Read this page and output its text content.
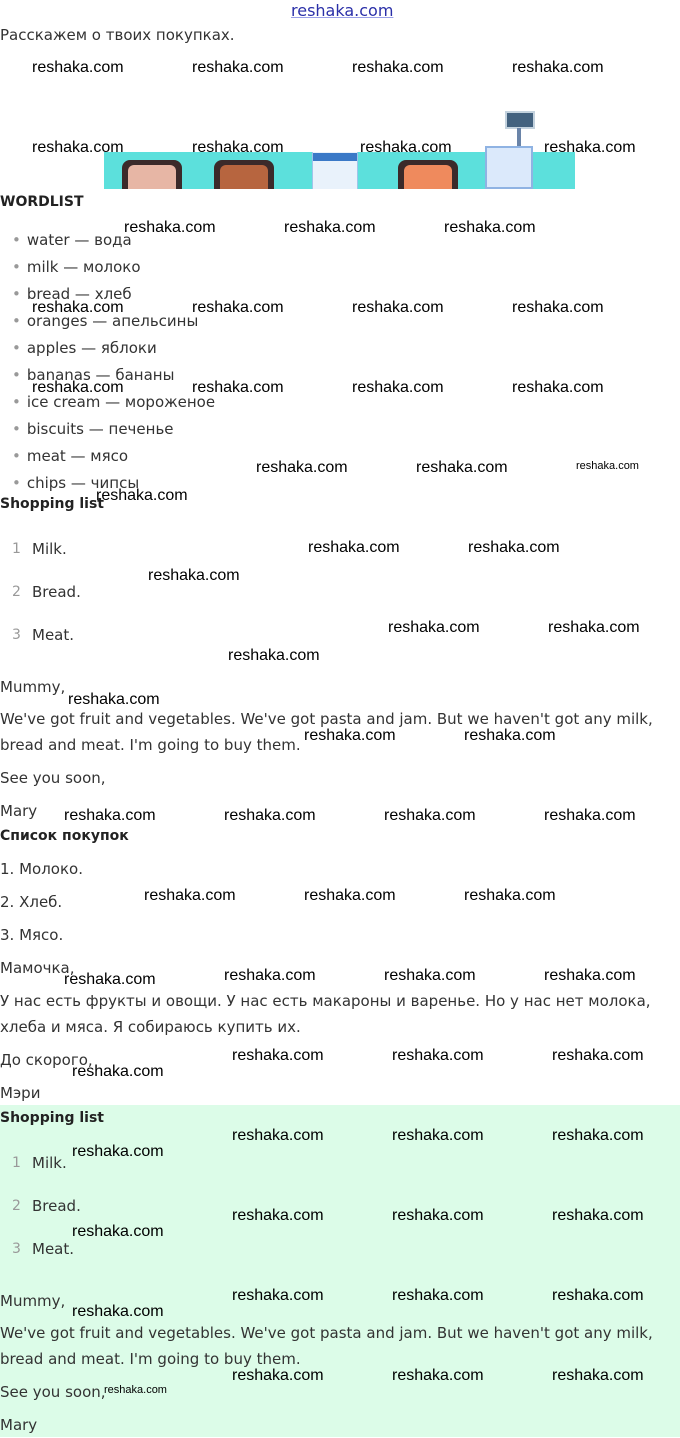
reshaka.com
Расскажем о твоих покупках.
WORDLIST
• water — вода
• milk — молоко
• bread — хлеб
• oranges — апельсины
• apples — яблоки
• bananas — бананы
• ice cream — мороженое
• biscuits — печенье
• meat — мясо
• chips — чипсы
Shopping list
1 Milk.
2 Bread.
3 Meat.
Mummy,
We've got fruit and vegetables. We've got pasta and jam. But we haven't got any milk, bread and meat. I'm going to buy them.
See you soon,
Mary
Список покупок
1. Молоко.
2. Хлеб.
3. Мясо.
Мамочка,
У нас есть фрукты и овощи. У нас есть макароны и варенье. Но у нас нет молока, хлеба и мяса. Я собираюсь купить их.
До скорого,
Мэри
Shopping list
1 Milk.
2 Bread.
3 Meat.
Mummy,
We've got fruit and vegetables. We've got pasta and jam. But we haven't got any milk, bread and meat. I'm going to buy them.
See you soon,
Mary
reshaka.com	reshaka.com	reshaka.com	reshaka.com
reshaka.com	reshaka.com	reshaka.com	reshaka.com
reshaka.com	reshaka.com	reshaka.com
reshaka.com	reshaka.com	reshaka.com	reshaka.com
reshaka.com	reshaka.com	reshaka.com	reshaka.com
reshaka.com	reshaka.com	reshaka.com
reshaka.com
reshaka.com	reshaka.com
reshaka.com
reshaka.com	reshaka.com
reshaka.com
reshaka.com
reshaka.com	reshaka.com
reshaka.com	reshaka.com	reshaka.com	reshaka.com
reshaka.com	reshaka.com	reshaka.com
reshaka.com	reshaka.com	reshaka.com	reshaka.com
reshaka.com	reshaka.com	reshaka.com
reshaka.com
reshaka.com	reshaka.com	reshaka.com
reshaka.com
reshaka.com	reshaka.com	reshaka.com
reshaka.com
reshaka.com	reshaka.com	reshaka.com
reshaka.com
reshaka.com	reshaka.com	reshaka.com
reshaka.com
